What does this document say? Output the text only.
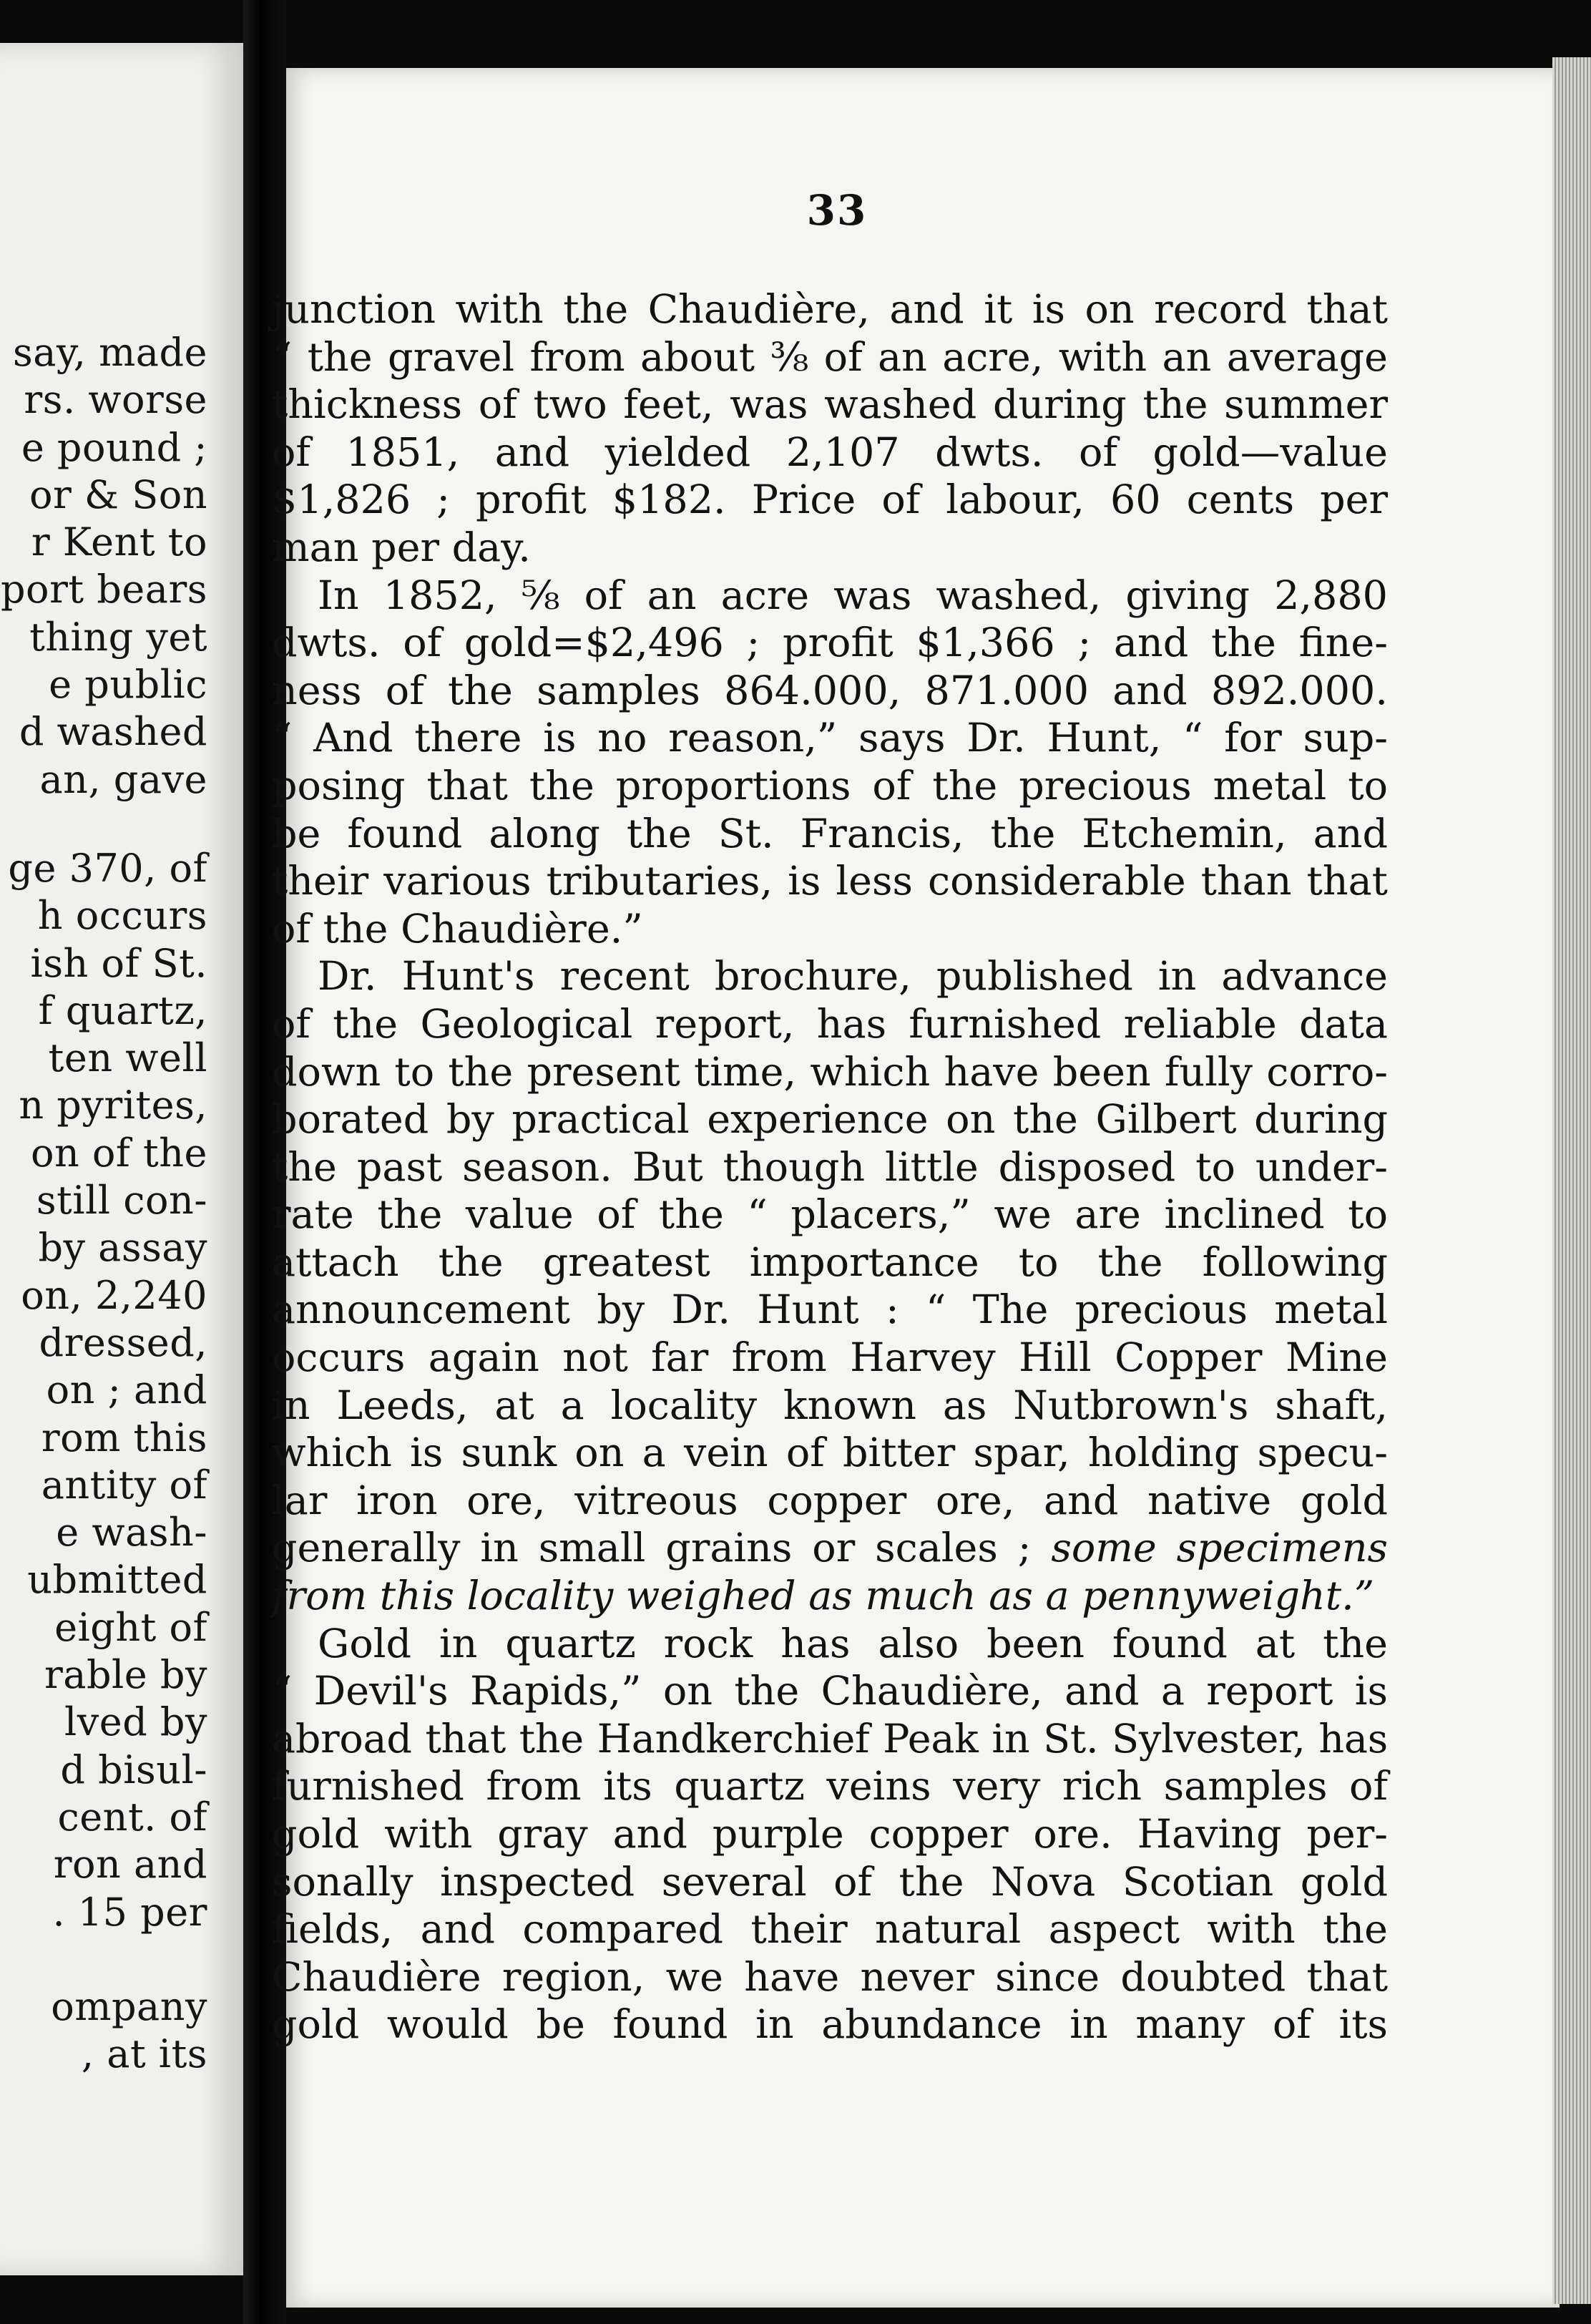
say, made
rs. worse
e pound ;
or & Son
r Kent to
port bears
thing yet
e public
d washed
an, gave
ge 370, of
h occurs
ish of St.
f quartz,
ten well
n pyrites,
on of the
still con-
by assay
on, 2,240
dressed,
on ; and
rom this
antity of
e wash-
ubmitted
eight of
rable by
lved by
d bisul-
cent. of
ron and
. 15 per
ompany
, at its
33
junction with the Chaudière, and it is on record that
“ the gravel from about ⅜ of an acre, with an average
thickness of two feet, was washed during the summer
of 1851, and yielded 2,107 dwts. of gold—value
$1,826 ; profit $182. Price of labour, 60 cents per
man per day.
In 1852, ⅝ of an acre was washed, giving 2,880
dwts. of gold=$2,496 ; profit $1,366 ; and the fine-
ness of the samples 864.000, 871.000 and 892.000.
“ And there is no reason,” says Dr. Hunt, “ for sup-
posing that the proportions of the precious metal to
be found along the St. Francis, the Etchemin, and
their various tributaries, is less considerable than that
of the Chaudière.”
Dr. Hunt's recent brochure, published in advance
of the Geological report, has furnished reliable data
down to the present time, which have been fully corro-
borated by practical experience on the Gilbert during
the past season. But though little disposed to under-
rate the value of the “ placers,” we are inclined to
attach the greatest importance to the following
announcement by Dr. Hunt : “ The precious metal
occurs again not far from Harvey Hill Copper Mine
in Leeds, at a locality known as Nutbrown's shaft,
which is sunk on a vein of bitter spar, holding specu-
lar iron ore, vitreous copper ore, and native gold
generally in small grains or scales ; some specimens
from this locality weighed as much as a pennyweight.”
Gold in quartz rock has also been found at the
“ Devil's Rapids,” on the Chaudière, and a report is
abroad that the Handkerchief Peak in St. Sylvester, has
furnished from its quartz veins very rich samples of
gold with gray and purple copper ore. Having per-
sonally inspected several of the Nova Scotian gold
fields, and compared their natural aspect with the
Chaudière region, we have never since doubted that
gold would be found in abundance in many of its
